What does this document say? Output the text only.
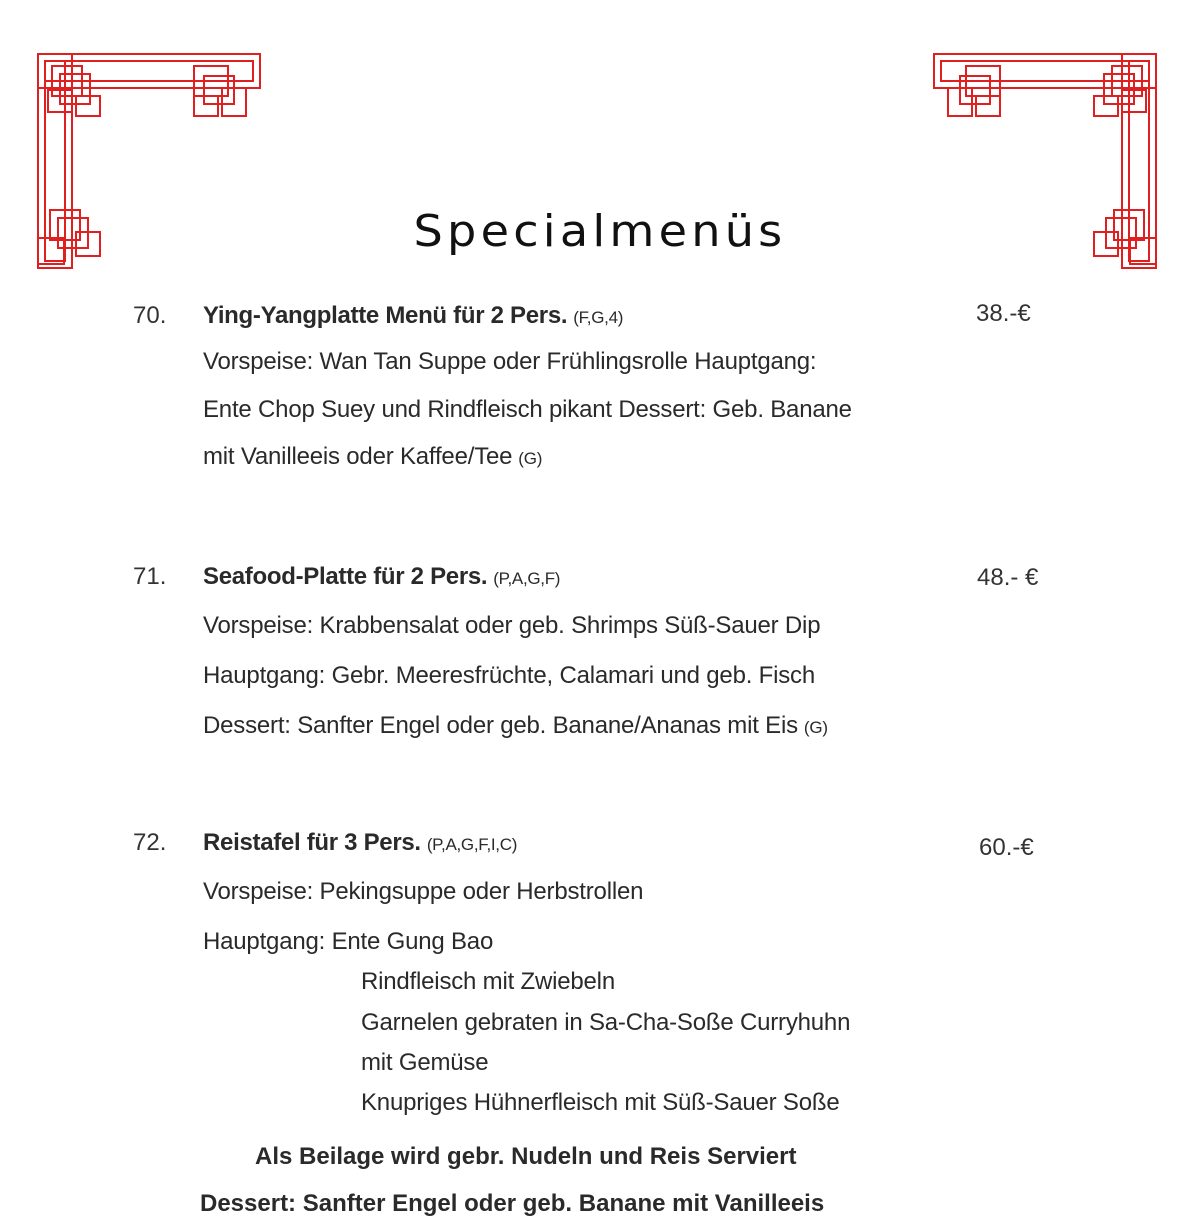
Specialmenüs
70. Ying-Yangplatte Menü für 2 Pers. (F,G,4)	38.-€
Vorspeise: Wan Tan Suppe oder Frühlingsrolle Hauptgang:
Ente Chop Suey und Rindfleisch pikant Dessert: Geb. Banane
mit Vanilleeis oder Kaffee/Tee (G)
71. Seafood-Platte für 2 Pers. (P,A,G,F)	48.- €
Vorspeise: Krabbensalat oder geb. Shrimps Süß-Sauer Dip
Hauptgang: Gebr. Meeresfrüchte, Calamari und geb. Fisch
Dessert: Sanfter Engel oder geb. Banane/Ananas mit Eis (G)
72. Reistafel für 3 Pers. (P,A,G,F,I,C)	60.-€
Vorspeise: Pekingsuppe oder Herbstrollen
Hauptgang: Ente Gung Bao
Rindfleisch mit Zwiebeln
Garnelen gebraten in Sa-Cha-Soße Curryhuhn
mit Gemüse
Knupriges Hühnerfleisch mit Süß-Sauer Soße
Als Beilage wird gebr. Nudeln und Reis Serviert
Dessert: Sanfter Engel oder geb. Banane mit Vanilleeis
